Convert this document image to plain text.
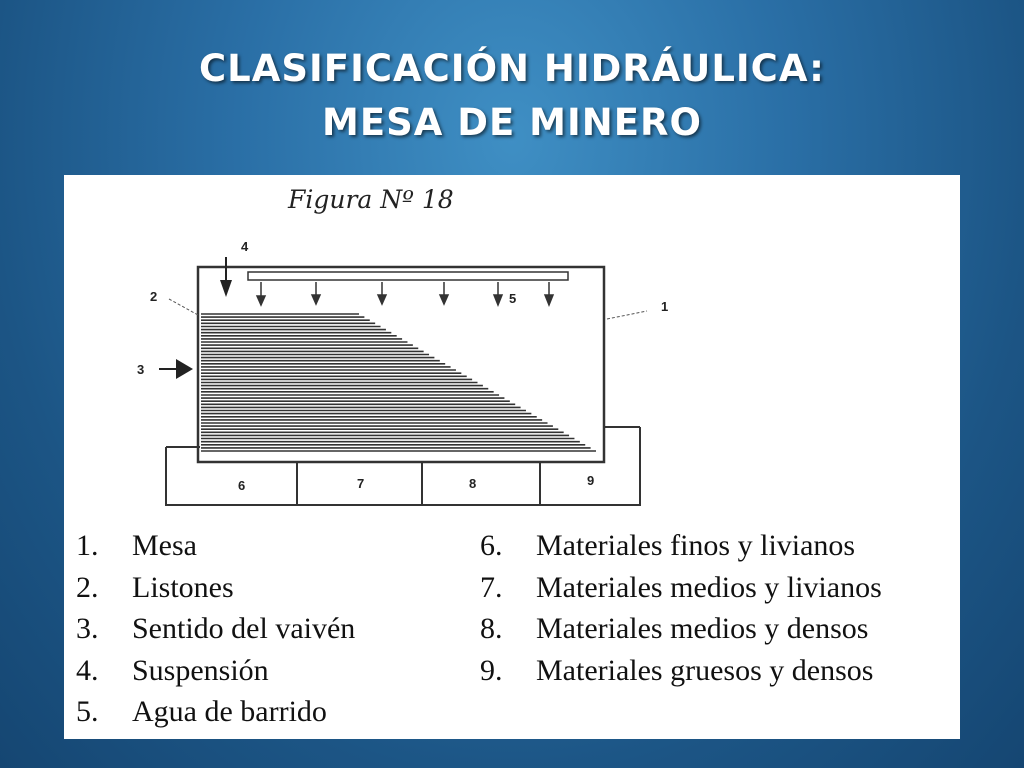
CLASIFICACIÓN HIDRÁULICA:
MESA DE MINERO
Figura Nº 18
1
2
3
4
5
6	7	8	9
1. Mesa
2. Listones
3. Sentido del vaivén
4. Suspensión
5. Agua de barrido
6. Materiales finos y livianos
7. Materiales medios y livianos
8. Materiales medios y densos
9. Materiales gruesos y densos
